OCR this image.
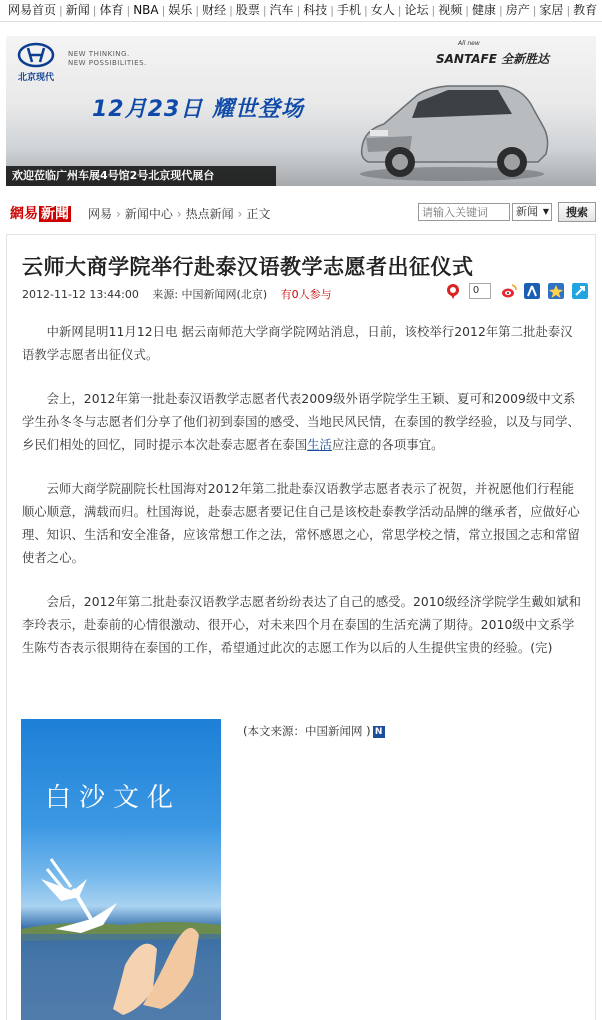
网易首页 | 新闻 | 体育 | NBA | 娱乐 | 财经 | 股票 | 汽车 | 科技 | 手机 | 女人 | 论坛 | 视频 | 健康 | 房产 | 家居 | 教育
北京现代
NEW THINKING.
NEW POSSIBILITIES.
All new
SANTAFE 全新胜达
12月23日 耀世登场
欢迎莅临广州车展4号馆2号北京现代展台
網易 新聞 网易 › 新闻中心 › 热点新闻 › 正文
请输入关键词	新闻 ▼	搜索
云师大商学院举行赴泰汉语教学志愿者出征仪式
2012-11-12 13:44:00 来源: 中国新闻网(北京) 有0人参与	0

中新网昆明11月12日电 据云南师范大学商学院网站消息，日前，该校举行2012年第二批赴泰汉语教学志愿者出征仪式。

会上，2012年第一批赴泰汉语教学志愿者代表2009级外语学院学生王颖、夏可和2009级中文系学生孙冬冬与志愿者们分享了他们初到泰国的感受、当地民风民情，在泰国的教学经验，以及与同学、乡民们相处的回忆，同时提示本次赴泰志愿者在泰国生活应注意的各项事宜。

云师大商学院副院长杜国海对2012年第二批赴泰汉语教学志愿者表示了祝贺，并祝愿他们行程能顺心顺意，满载而归。杜国海说，赴泰志愿者要记住自己是该校赴泰教学活动品牌的继承者，应做好心理、知识、生活和安全准备，应该常想工作之法，常怀感恩之心，常思学校之情，常立报国之志和常留使者之心。

会后，2012年第二批赴泰汉语教学志愿者纷纷表达了自己的感受。2010级经济学院学生戴如斌和李玲表示，赴泰前的心情很激动、很开心，对未来四个月在泰国的生活充满了期待。2010级中文系学生陈芍杏表示很期待在泰国的工作，希望通过此次的志愿工作为以后的人生提供宝贵的经验。(完)

白沙文化
(本文来源：中国新闻网 ) N
